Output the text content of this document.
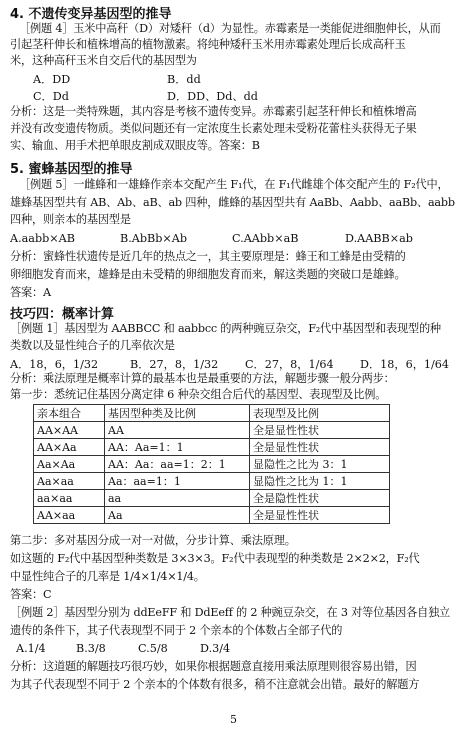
4. 不遗传变异基因型的推导
［例题 4］玉米中高秆（D）对矮秆（d）为显性。赤霉素是一类能促进细胞伸长，从而
引起茎秆伸长和植株增高的植物激素。将纯种矮秆玉米用赤霉素处理后长成高秆玉
米，这种高秆玉米自交后代的基因型为
A．DD	B．dd
C．Dd	D．DD、Dd、dd
分析：这是一类特殊题，其内容是考核不遗传变异。赤霉素引起茎秆伸长和植株增高
并没有改变遗传物质。类似问题还有一定浓度生长素处理未受粉花蕾柱头获得无子果
实、输血、用手术把单眼皮割成双眼皮等。答案：B
5. 蜜蜂基因型的推导
［例题 5］一雌蜂和一雄蜂作亲本交配产生 F₁代，在 F₁代雌雄个体交配产生的 F₂代中，
雄蜂基因型共有 AB、Ab、aB、ab 四种，雌蜂的基因型共有 AaBb、Aabb、aaBb、aabb
四种，则亲本的基因型是
A.aabb×AB	B.AbBb×Ab	C.AAbb×aB	D.AABB×ab
分析：蜜蜂性状遗传是近几年的热点之一，其主要原理是：蜂王和工蜂是由受精的
卵细胞发育而来，雄蜂是由未受精的卵细胞发育而来，解这类题的突破口是雄蜂。
答案：A
技巧四：概率计算
［例题 1］基因型为 AABBCC 和 aabbcc 的两种豌豆杂交，F₂代中基因型和表现型的种
类数以及显性纯合子的几率依次是
A．18，6，1/32	B．27，8，1/32 C．27，8，1/64 D．18，6，1/64
分析：乘法原理是概率计算的最基本也是最重要的方法，解题步骤一般分两步：
第一步：悉统记住基因分离定律 6 种杂交组合后代的基因型、表现型及比例。
亲本组合	基因型种类及比例	表现型及比例
AA×AA	AA	全是显性性状
AA×Aa	AA：Aa=1：1	全是显性性状
Aa×Aa	AA：Aa：aa=1：2：1	显隐性之比为 3：1
Aa×aa	Aa：aa=1：1	显隐性之比为 1：1
aa×aa	aa	全是隐性性状
AA×aa	Aa	全是显性性状
第二步：多对基因分成一对一对做，分步计算、乘法原理。
如这题的 F₂代中基因型种类数是 3×3×3。F₂代中表现型的种类数是 2×2×2，F₂代
中显性纯合子的几率是 1/4×1/4×1/4。
答案：C
［例题 2］基因型分别为 ddEeFF 和 DdEeff 的 2 种豌豆杂交，在 3 对等位基因各自独立
遗传的条件下，其子代表现型不同于 2 个亲本的个体数占全部子代的
A.1/4	B.3/8	C.5/8	D.3/4
分析：这道题的解题技巧很巧妙，如果你根据题意直接用乘法原理则很容易出错，因
为其子代表现型不同于 2 个亲本的个体数有很多，稍不注意就会出错。最好的解题方
5
